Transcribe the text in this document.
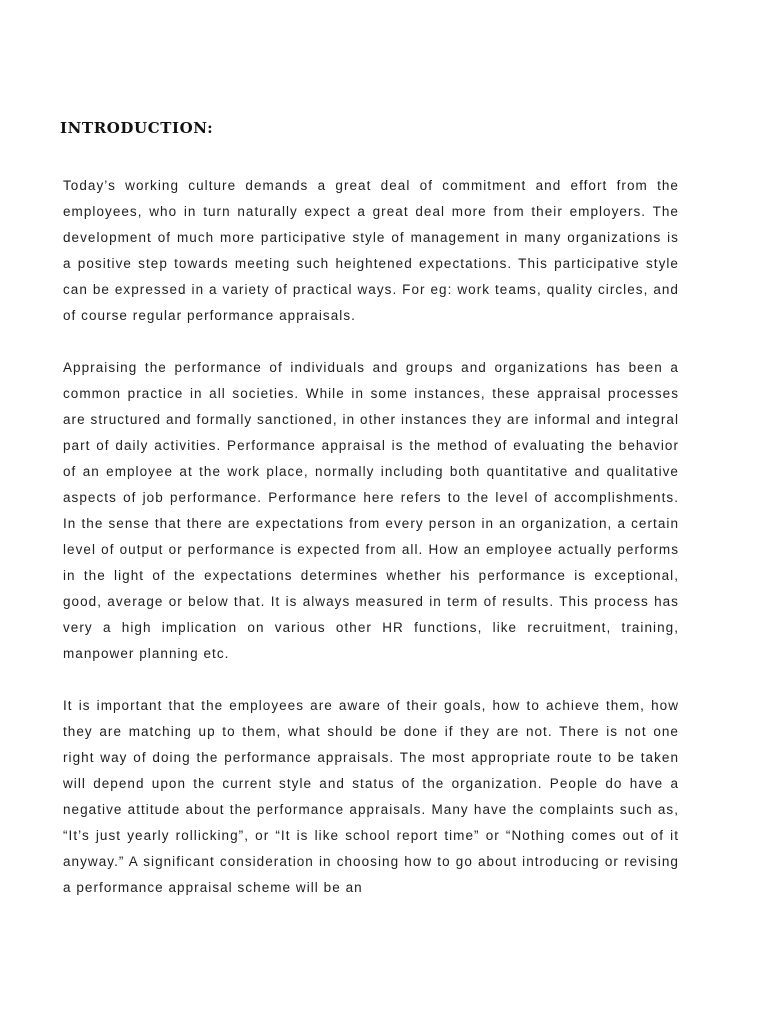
INTRODUCTION:

Today’s working culture demands a great deal of commitment and effort from the employees, who in turn naturally expect a great deal more from their employers. The development of much more participative style of management in many organizations is a positive step towards meeting such heightened expectations. This participative style can be expressed in a variety of practical ways. For eg: work teams, quality circles, and of course regular performance appraisals.

Appraising the performance of individuals and groups and organizations has been a common practice in all societies. While in some instances, these appraisal processes are structured and formally sanctioned, in other instances they are informal and integral part of daily activities. Performance appraisal is the method of evaluating the behavior of an employee at the work place, normally including both quantitative and qualitative aspects of job performance. Performance here refers to the level of accomplishments. In the sense that there are expectations from every person in an organization, a certain level of output or performance is expected from all. How an employee actually performs in the light of the expectations determines whether his performance is exceptional, good, average or below that. It is always measured in term of results. This process has very a high implication on various other HR functions, like recruitment, training, manpower planning etc.

It is important that the employees are aware of their goals, how to achieve them, how they are matching up to them, what should be done if they are not. There is not one right way of doing the performance appraisals. The most appropriate route to be taken will depend upon the current style and status of the organization. People do have a negative attitude about the performance appraisals. Many have the complaints such as, “It’s just yearly rollicking”, or “It is like school report time” or “Nothing comes out of it anyway.” A significant consideration in choosing how to go about introducing or revising a performance appraisal scheme will be an
